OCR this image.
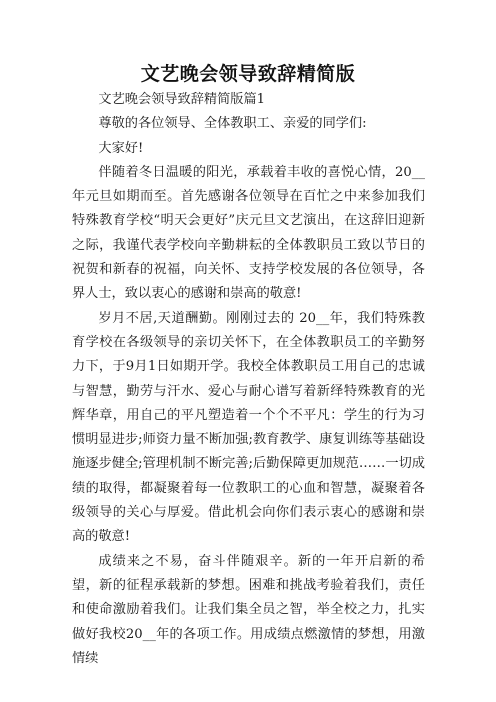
文艺晚会领导致辞精简版

文艺晚会领导致辞精简版篇1

尊敬的各位领导、全体教职工、亲爱的同学们:

大家好!

伴随着冬日温暖的阳光，承载着丰收的喜悦心情，20__年元旦如期而至。首先感谢各位领导在百忙之中来参加我们特殊教育学校“明天会更好”庆元旦文艺演出，在这辞旧迎新之际，我谨代表学校向辛勤耕耘的全体教职员工致以节日的祝贺和新春的祝福，向关怀、支持学校发展的各位领导，各界人士，致以衷心的感谢和崇高的敬意!

岁月不居,天道酬勤。刚刚过去的 20__年，我们特殊教育学校在各级领导的亲切关怀下，在全体教职员工的辛勤努力下，于9月1日如期开学。我校全体教职员工用自己的忠诚与智慧，勤劳与汗水、爱心与耐心谱写着新绎特殊教育的光辉华章，用自己的平凡塑造着一个个不平凡：学生的行为习惯明显进步;师资力量不断加强;教育教学、康复训练等基础设施逐步健全;管理机制不断完善;后勤保障更加规范……一切成绩的取得，都凝聚着每一位教职工的心血和智慧，凝聚着各级领导的关心与厚爱。借此机会向你们表示衷心的感谢和崇高的敬意!

成绩来之不易，奋斗伴随艰辛。新的一年开启新的希望，新的征程承载新的梦想。困难和挑战考验着我们，责任和使命激励着我们。让我们集全员之智，举全校之力，扎实做好我校20__年的各项工作。用成绩点燃激情的梦想，用激情续
